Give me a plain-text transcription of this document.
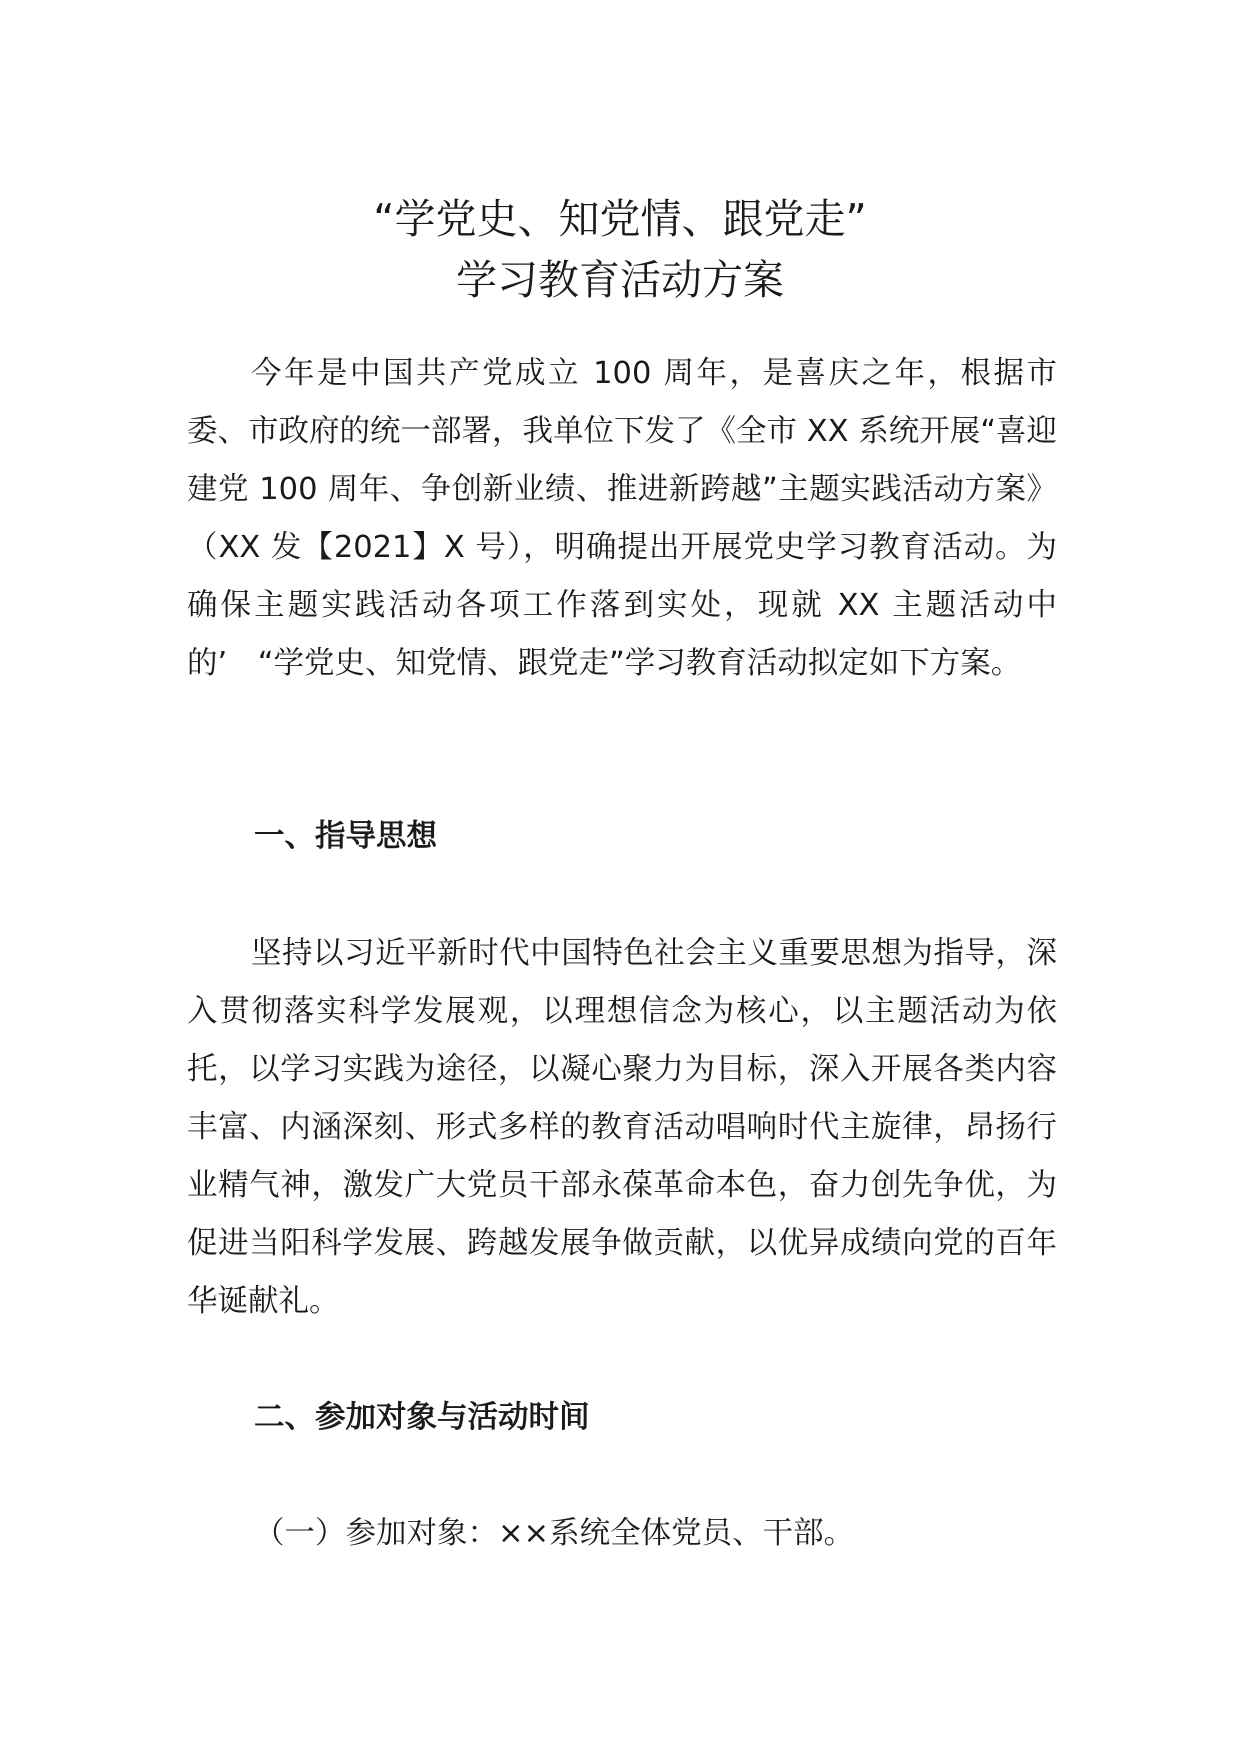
“学党史、知党情、跟党走”
学习教育活动方案

今年是中国共产党成立 100 周年，是喜庆之年，根据市委、市政府的统一部署，我单位下发了《全市 XX 系统开展“喜迎建党 100 周年、争创新业绩、推进新跨越”主题实践活动方案》（XX 发【2021】X 号），明确提出开展党史学习教育活动。为确保主题实践活动各项工作落到实处，现就 XX 主题活动中的’　“学党史、知党情、跟党走”学习教育活动拟定如下方案。

一、指导思想

坚持以习近平新时代中国特色社会主义重要思想为指导，深入贯彻落实科学发展观，以理想信念为核心，以主题活动为依托，以学习实践为途径，以凝心聚力为目标，深入开展各类内容丰富、内涵深刻、形式多样的教育活动唱响时代主旋律，昂扬行业精气神，激发广大党员干部永葆革命本色，奋力创先争优，为促进当阳科学发展、跨越发展争做贡献，以优异成绩向党的百年华诞献礼。

二、参加对象与活动时间

（一）参加对象：××系统全体党员、干部。
